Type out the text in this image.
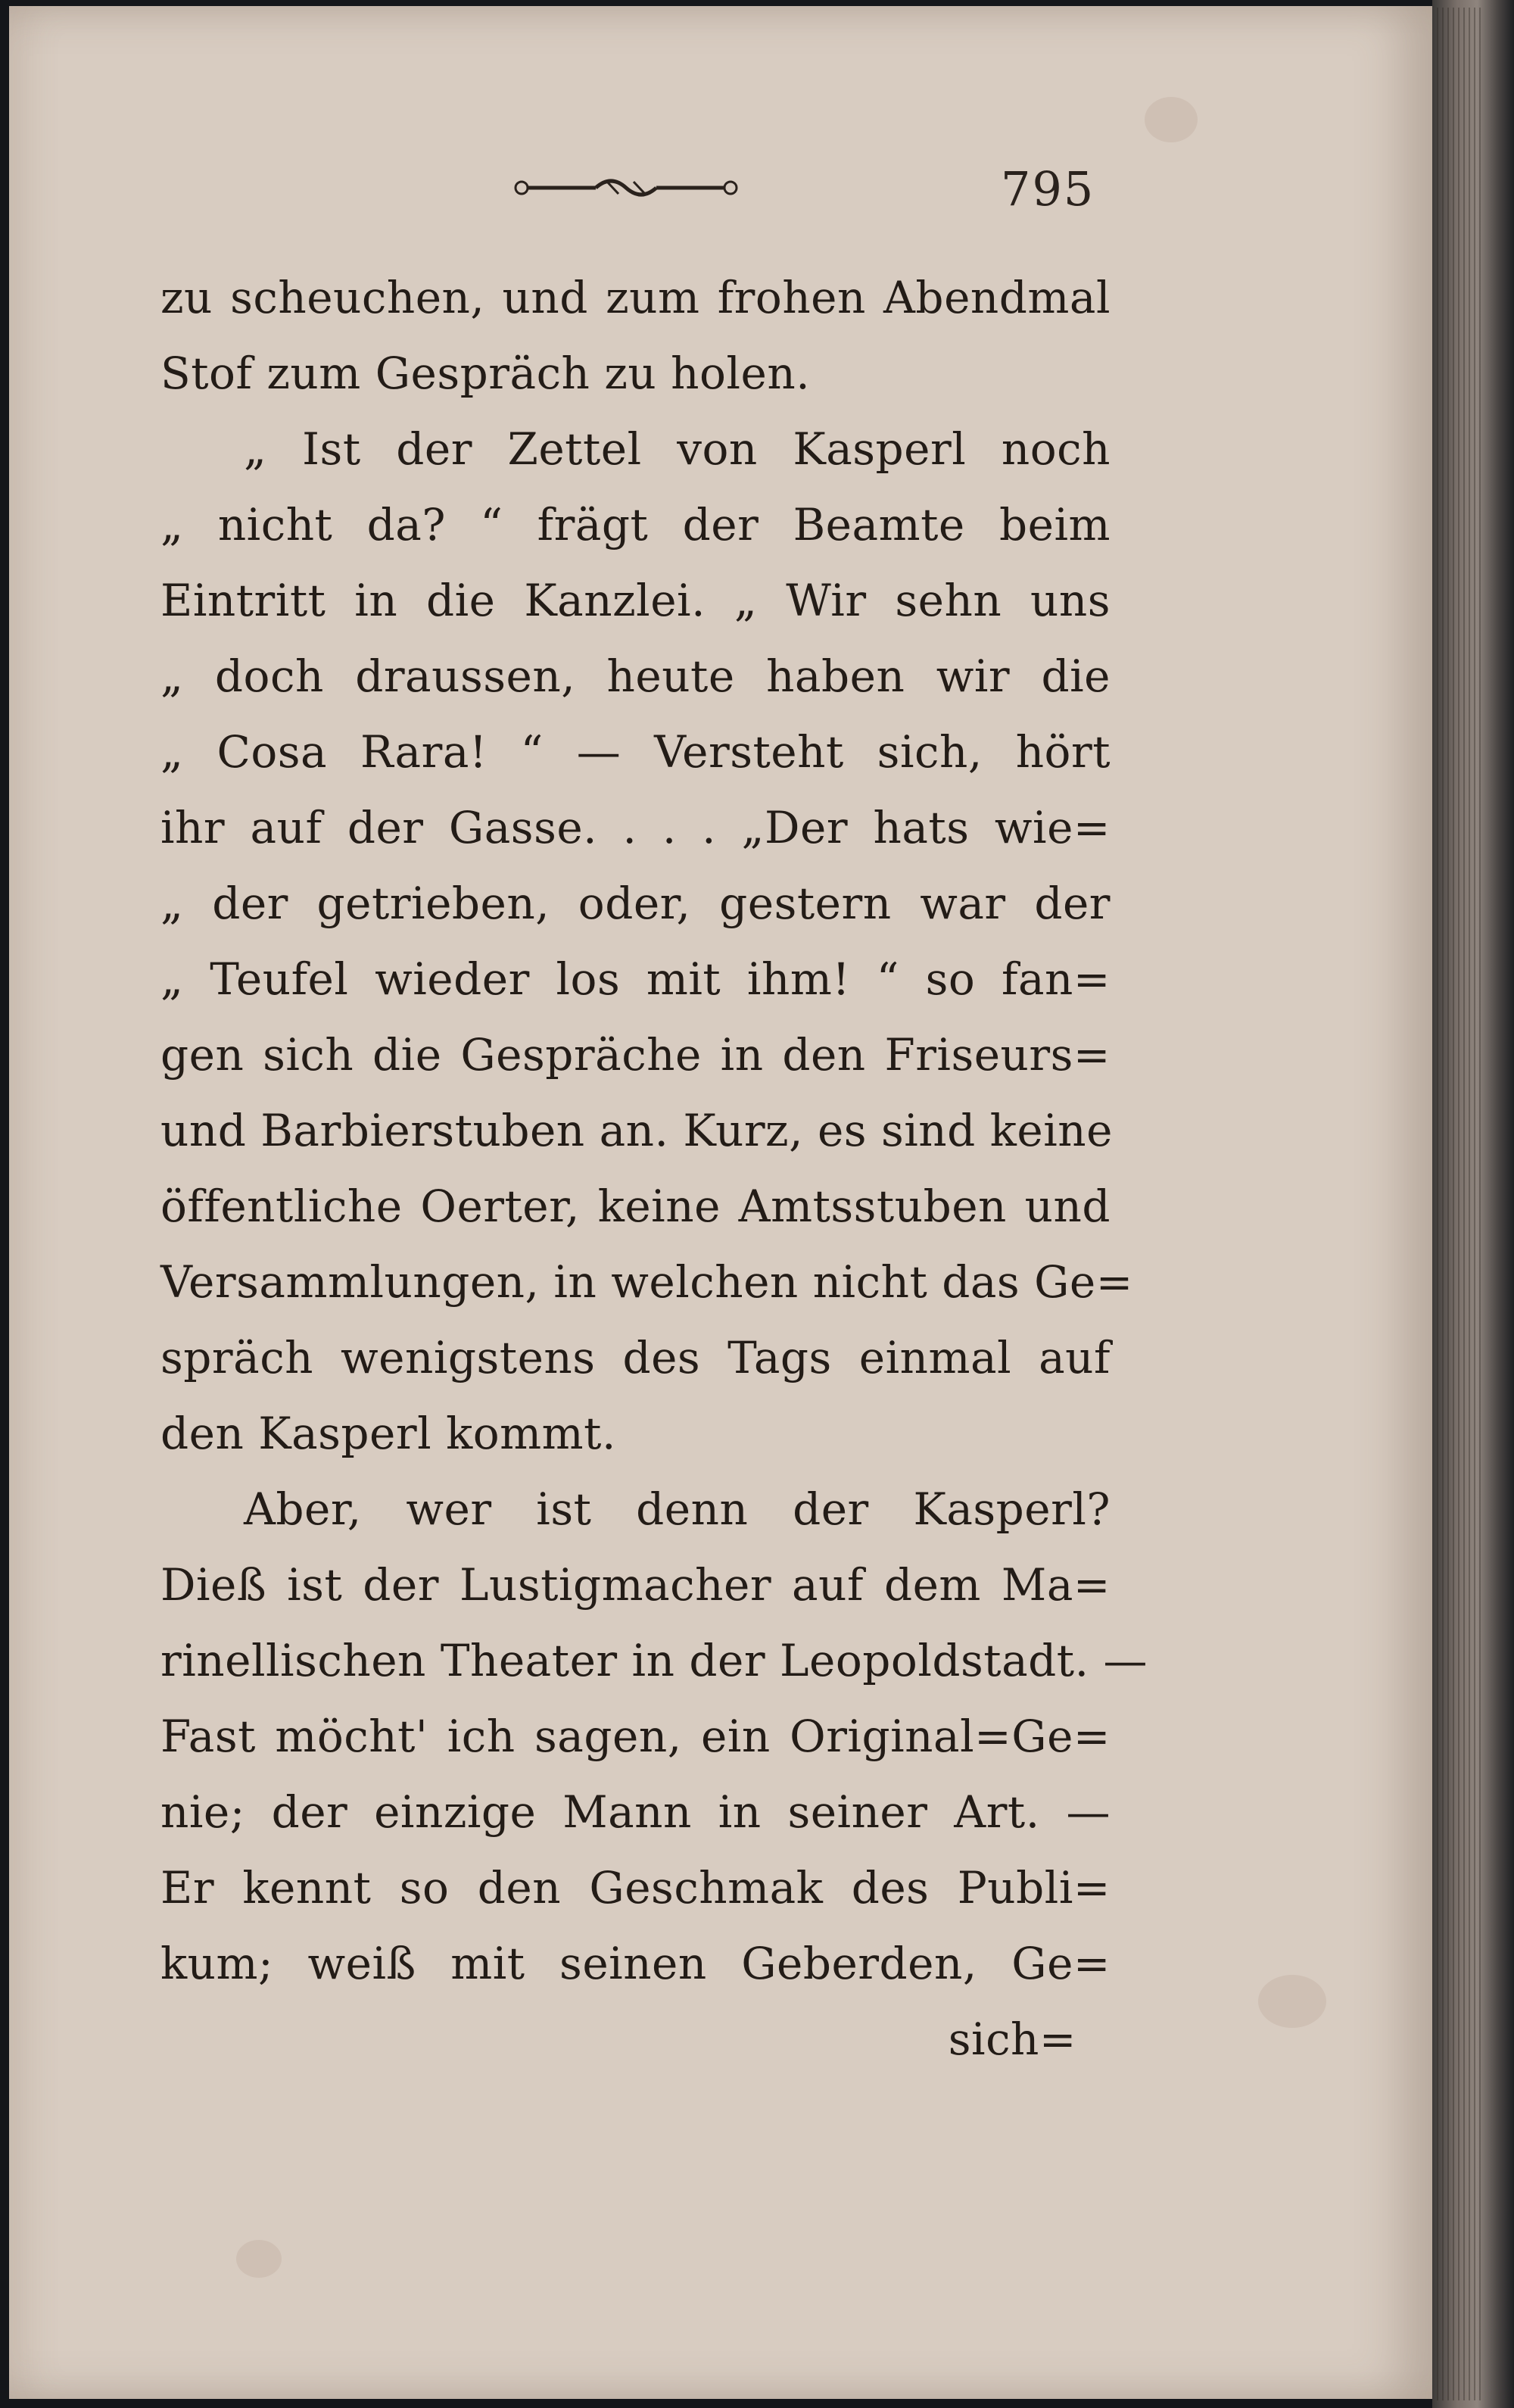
795
zu scheuchen, und zum frohen Abendmal
Stof zum Gespräch zu holen.
„ Ist der Zettel von Kasperl noch
„ nicht da? “ frägt der Beamte beim
Eintritt in die Kanzlei. „ Wir sehn uns
„ doch draussen, heute haben wir die
„ Cosa Rara! “ — Versteht sich, hört
ihr auf der Gasse. . . . „Der hats wie=
„ der getrieben, oder, gestern war der
„ Teufel wieder los mit ihm! “ so fan=
gen sich die Gespräche in den Friseurs=
und Barbierstuben an. Kurz, es sind keine
öffentliche Oerter, keine Amtsstuben und
Versammlungen, in welchen nicht das Ge=
spräch wenigstens des Tags einmal auf
den Kasperl kommt.
Aber, wer ist denn der Kasperl?
Dieß ist der Lustigmacher auf dem Ma=
rinellischen Theater in der Leopoldstadt. —
Fast möcht' ich sagen, ein Original=Ge=
nie; der einzige Mann in seiner Art. —
Er kennt so den Geschmak des Publi=
kum; weiß mit seinen Geberden, Ge=
sich=
